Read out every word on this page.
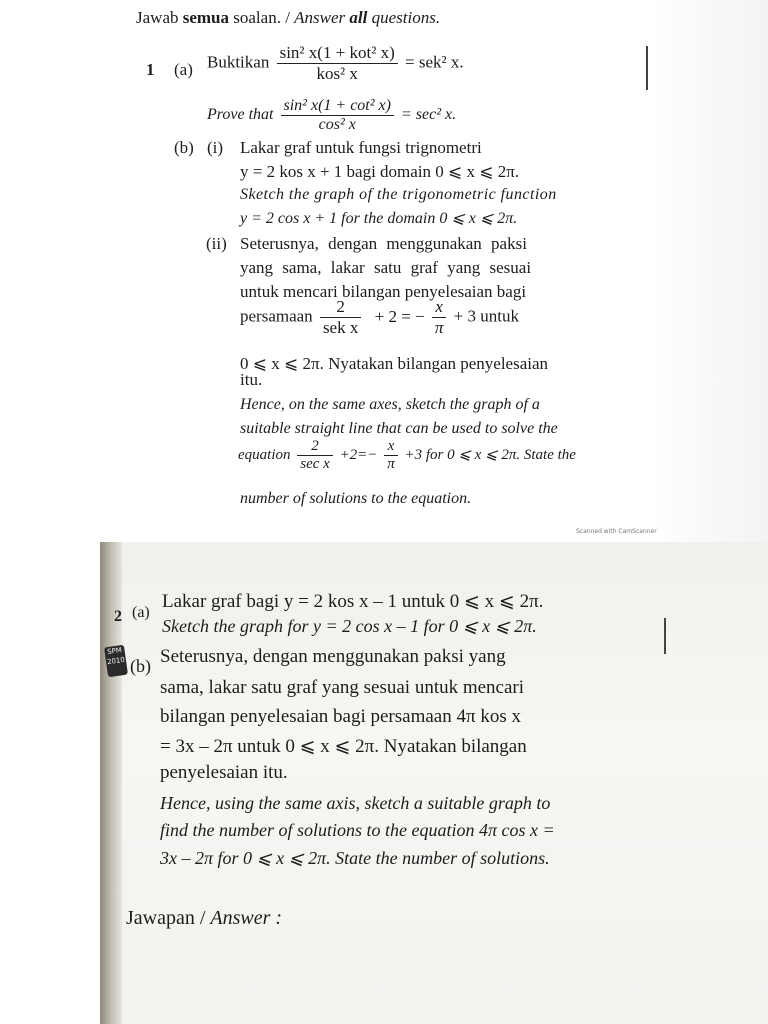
Jawab semua soalan. / Answer all questions.
1 (a) Buktikan $\frac{\text{sin² x(1 + kot² x)}}{\text{kos² x}} = sek^2$ x.
Prove that $\frac{\text{sin² x(1 + cot² x)}}{\text{cos² x}} = \sec^2$ x.
(b) (i) Lakar graf untuk fungsi trignometri
y = 2 kos x + 1 bagi domain 0 ⩽ x ⩽ 2π.
Sketch the graph of the trigonometric function
y = 2 cos x + 1 for the domain 0 ⩽ x ⩽ 2π.
(ii) Seterusnya, dengan menggunakan paksi
yang sama, lakar satu graf yang sesuai
untuk mencari bilangan penyelesaian bagi
persamaan $\frac{2}{\text{sek x}} + 2$ = − $\frac{x}{\pi} + 3$ untuk
0 ⩽ x ⩽ 2π. Nyatakan bilangan penyelesaian
itu.
Hence, on the same axes, sketch the graph of a
suitable straight line that can be used to solve the
equation $\frac{2}{\text{sec x}} +2=- \frac{x}{\pi} +3$ for 0 ⩽ x ⩽ 2π. State the
number of solutions to the equation.
Scanned with CamScanner
2 (a)
Lakar graf bagi y = 2 kos x – 1 untuk 0 ⩽ x ⩽ 2π.
Sketch the graph for y = 2 cos x – 1 for 0 ⩽ x ⩽ 2π.
SPM 2010 (b) Seterusnya, dengan menggunakan paksi yang
sama, lakar satu graf yang sesuai untuk mencari
bilangan penyelesaian bagi persamaan 4π kos x
= 3x – 2π untuk 0 ⩽ x ⩽ 2π. Nyatakan bilangan
penyelesaian itu.
Hence, using the same axis, sketch a suitable graph to
find the number of solutions to the equation 4π cos x =
3x – 2π for 0 ⩽ x ⩽ 2π. State the number of solutions.
Jawapan / Answer :
